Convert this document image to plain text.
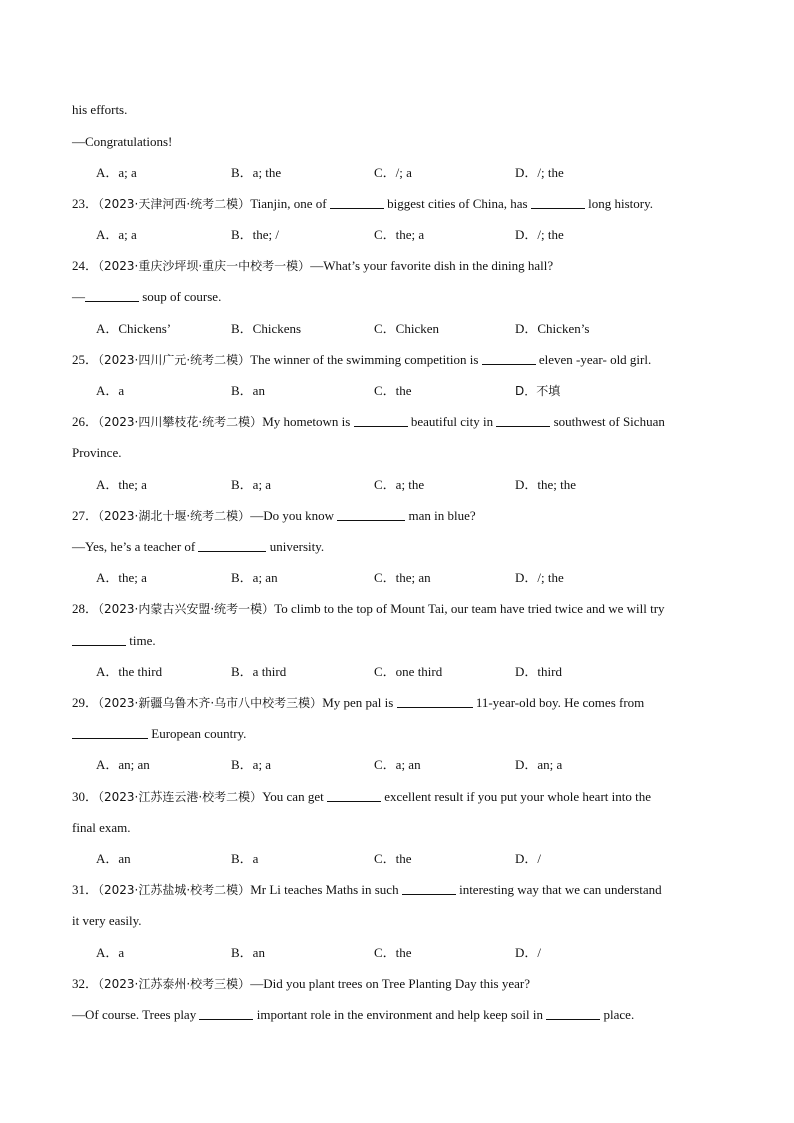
his efforts.
—Congratulations!
A．a; a	B．a; the	C．/; a	D．/; the
23．（2023·天津河西·统考二模）Tianjin, one of	biggest cities of China, has	long history.
A．a; a	B．the; /	C．the; a	D．/; the
24．（2023·重庆沙坪坝·重庆一中校考一模）—What’s your favorite dish in the dining hall?
—	soup of course.
A．Chickens’	B．Chickens	C．Chicken	D．Chicken’s
25．（2023·四川广元·统考二模）The winner of the swimming competition is	eleven -year- old girl.
A．a	B．an	C．the	D．不填
26．（2023·四川攀枝花·统考二模）My hometown is	beautiful city in	southwest of Sichuan
Province.
A．the; a	B．a; a	C．a; the	D．the; the
27．（2023·湖北十堰·统考二模）—Do you know	man in blue?
—Yes, he’s a teacher of	university.
A．the; a	B．a; an	C．the; an	D．/; the
28．（2023·内蒙古兴安盟·统考一模）To climb to the top of Mount Tai, our team have tried twice and we will try
time.
A．the third	B．a third	C．one third	D．third
29．（2023·新疆乌鲁木齐·乌市八中校考三模）My pen pal is	11-year-old boy. He comes from
European country.
A．an; an	B．a; a	C．a; an	D．an; a
30．（2023·江苏连云港·校考二模）You can get	excellent result if you put your whole heart into the
final exam.
A．an	B．a	C．the	D．/
31．（2023·江苏盐城·校考二模）Mr Li teaches Maths in such	interesting way that we can understand
it very easily.
A．a	B．an	C．the	D．/
32．（2023·江苏泰州·校考三模）—Did you plant trees on Tree Planting Day this year?
—Of course. Trees play	important role in the environment and help keep soil in	place.
